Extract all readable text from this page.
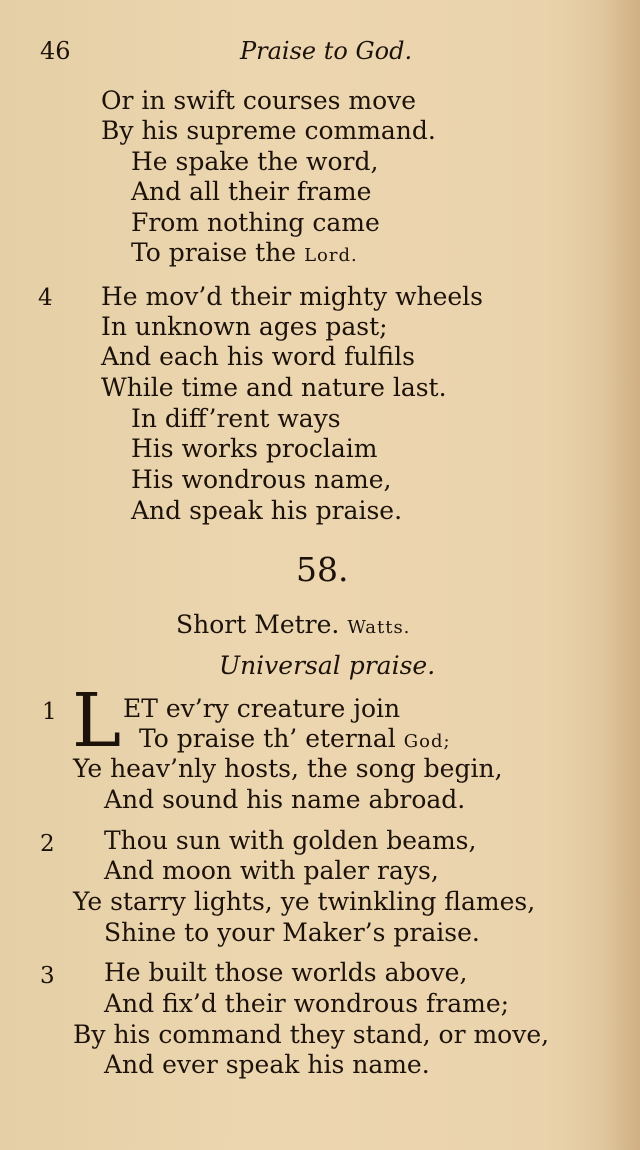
46	Praise to God.
Or in swift courses move
By his supreme command.
He spake the word,
And all their frame
From nothing came
To praise the Lord.
4 He mov’d their mighty wheels
In unknown ages past;
And each his word fulfils
While time and nature last.
In diff’rent ways
His works proclaim
His wondrous name,
And speak his praise.
58.
Short Metre. Watts.
Universal praise.
1 L ET ev’ry creature join
To praise th’ eternal God;
Ye heav’nly hosts, the song begin,
And sound his name abroad.
2 Thou sun with golden beams,
And moon with paler rays,
Ye starry lights, ye twinkling flames,
Shine to your Maker’s praise.
3 He built those worlds above,
And fix’d their wondrous frame;
By his command they stand, or move,
And ever speak his name.
